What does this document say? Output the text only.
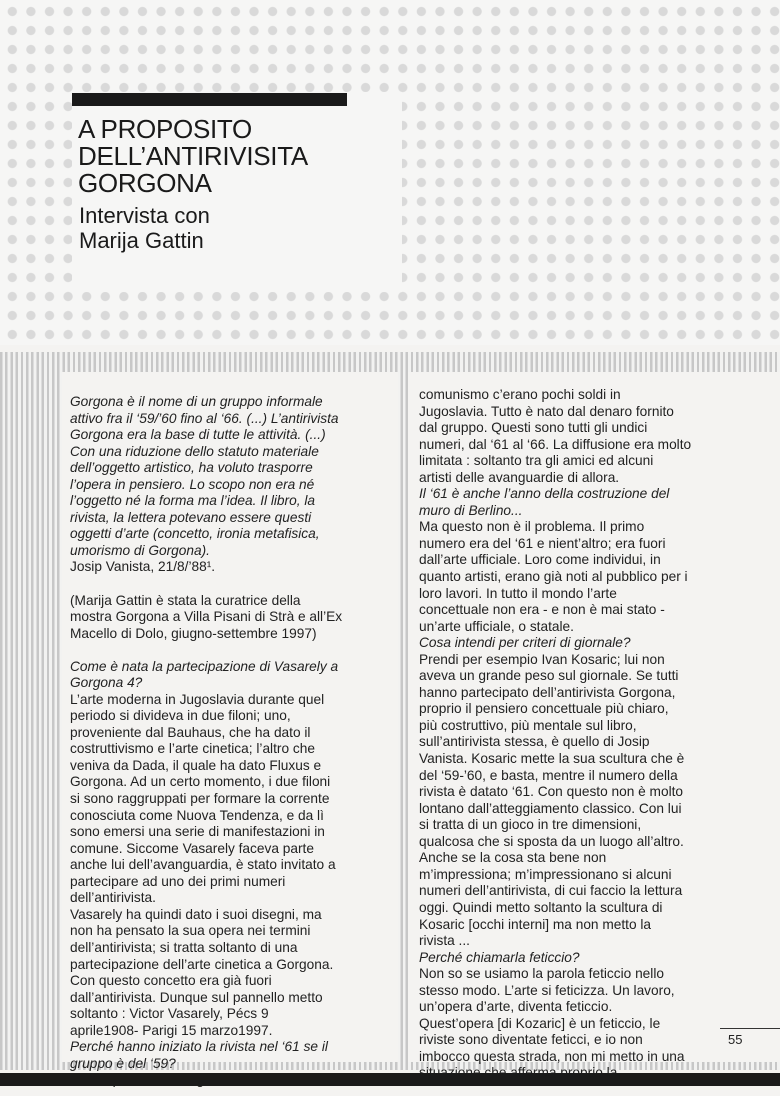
A PROPOSITO
DELL’ANTIRIVISITA
GORGONA
Intervista con
Marija Gattin

Gorgona è il nome di un gruppo informale
attivo fra il ‘59/’60 fino al ‘66. (...) L’antirivista
Gorgona era la base di tutte le attività. (...)
Con una riduzione dello statuto materiale
dell’oggetto artistico, ha voluto trasporre
l’opera in pensiero. Lo scopo non era né
l’oggetto né la forma ma l’idea. Il libro, la
rivista, la lettera potevano essere questi
oggetti d’arte (concetto, ironia metafisica,
umorismo di Gorgona).

Josip Vanista, 21/8/’88¹.

(Marija Gattin è stata la curatrice della
mostra Gorgona a Villa Pisani di Strà e all’Ex
Macello di Dolo, giugno-settembre 1997)

Come è nata la partecipazione di Vasarely a
Gorgona 4?

L’arte moderna in Jugoslavia durante quel
periodo si divideva in due filoni; uno,
proveniente dal Bauhaus, che ha dato il
costruttivismo e l’arte cinetica; l’altro che
veniva da Dada, il quale ha dato Fluxus e
Gorgona. Ad un certo momento, i due filoni
si sono raggruppati per formare la corrente
conosciuta come Nuova Tendenza, e da lì
sono emersi una serie di manifestazioni in
comune. Siccome Vasarely faceva parte
anche lui dell’avanguardia, è stato invitato a
partecipare ad uno dei primi numeri
dell’antirivista.
Vasarely ha quindi dato i suoi disegni, ma
non ha pensato la sua opera nei termini
dell’antirivista; si tratta soltanto di una
partecipazione dell’arte cinetica a Gorgona.
Con questo concetto era già fuori
dall’antirivista. Dunque sul pannello metto
soltanto : Victor Vasarely, Pécs 9
aprile1908- Parigi 15 marzo1997.

Perché hanno iniziato la rivista nel ‘61 se il
gruppo è del ‘59?

comunismo c’erano pochi soldi in
Jugoslavia. Tutto è nato dal denaro fornito
dal gruppo. Questi sono tutti gli undici
numeri, dal ‘61 al ‘66. La diffusione era molto
limitata : soltanto tra gli amici ed alcuni
artisti delle avanguardie di allora.

Il ‘61 è anche l’anno della costruzione del
muro di Berlino...

Ma questo non è il problema. Il primo
numero era del ‘61 e nient’altro; era fuori
dall’arte ufficiale. Loro come individui, in
quanto artisti, erano già noti al pubblico per i
loro lavori. In tutto il mondo l’arte
concettuale non era - e non è mai stato -
un’arte ufficiale, o statale.

Cosa intendi per criteri di giornale?

Prendi per esempio Ivan Kosaric; lui non
aveva un grande peso sul giornale. Se tutti
hanno partecipato dell’antirivista Gorgona,
proprio il pensiero concettuale più chiaro,
più costruttivo, più mentale sul libro,
sull’antirivista stessa, è quello di Josip
Vanista. Kosaric mette la sua scultura che è
del ‘59-’60, e basta, mentre il numero della
rivista è datato ‘61. Con questo non è molto
lontano dall’atteggiamento classico. Con lui
si tratta di un gioco in tre dimensioni,
qualcosa che si sposta da un luogo all’altro.
Anche se la cosa sta bene non
m’impressiona; m’impressionano si alcuni
numeri dell’antirivista, di cui faccio la lettura
oggi. Quindi metto soltanto la scultura di
Kosaric [occhi interni] ma non metto la
rivista ...

Perché chiamarla feticcio?

Non so se usiamo la parola feticcio nello
stesso modo. L’arte si feticizza. Un lavoro,
un’opera d’arte, diventa feticcio.
Quest’opera [di Kozaric] è un feticcio, le
riviste sono diventate feticci, e io non
imbocco questa strada, non mi metto in una

55
